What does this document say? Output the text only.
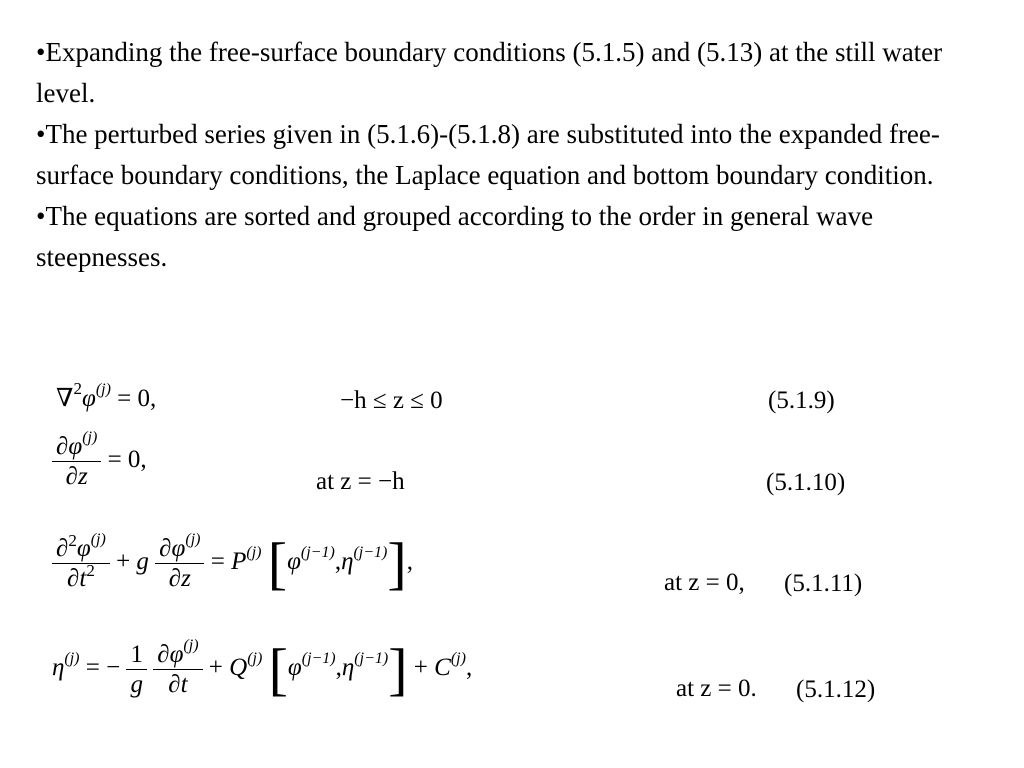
•Expanding the free-surface boundary conditions (5.1.5) and (5.13) at the still water level.

•The perturbed series given in (5.1.6)-(5.1.8) are substituted into the expanded free-surface boundary conditions, the Laplace equation and bottom boundary condition.

•The equations are sorted and grouped according to the order in general wave steepnesses.

$\nabla^2\varphi^{(j)} = 0$,	−h ≤ z ≤ 0	(5.1.9)
$\frac{\partial\varphi^{(j)}}{\partial z} = 0$,
at z = −h	(5.1.10)
$\frac{\partial^2\varphi^{(j)}}{\partial t^2} + g \frac{\partial\varphi^{(j)}}{\partial z} = P^{(j)}$ $[\varphi^{(j-1)},\eta^{(j-1)}]$,
at z = 0, (5.1.11)
$\eta^{(j)}$ = − $\frac{1}{g}$
$\frac{\partial\varphi^{(j)}}{\partial t} + Q^{(j)}$ $[\varphi^{(j-1)},\eta^{(j-1)}] + C^{(j)}$,
at z = 0. (5.1.12)
